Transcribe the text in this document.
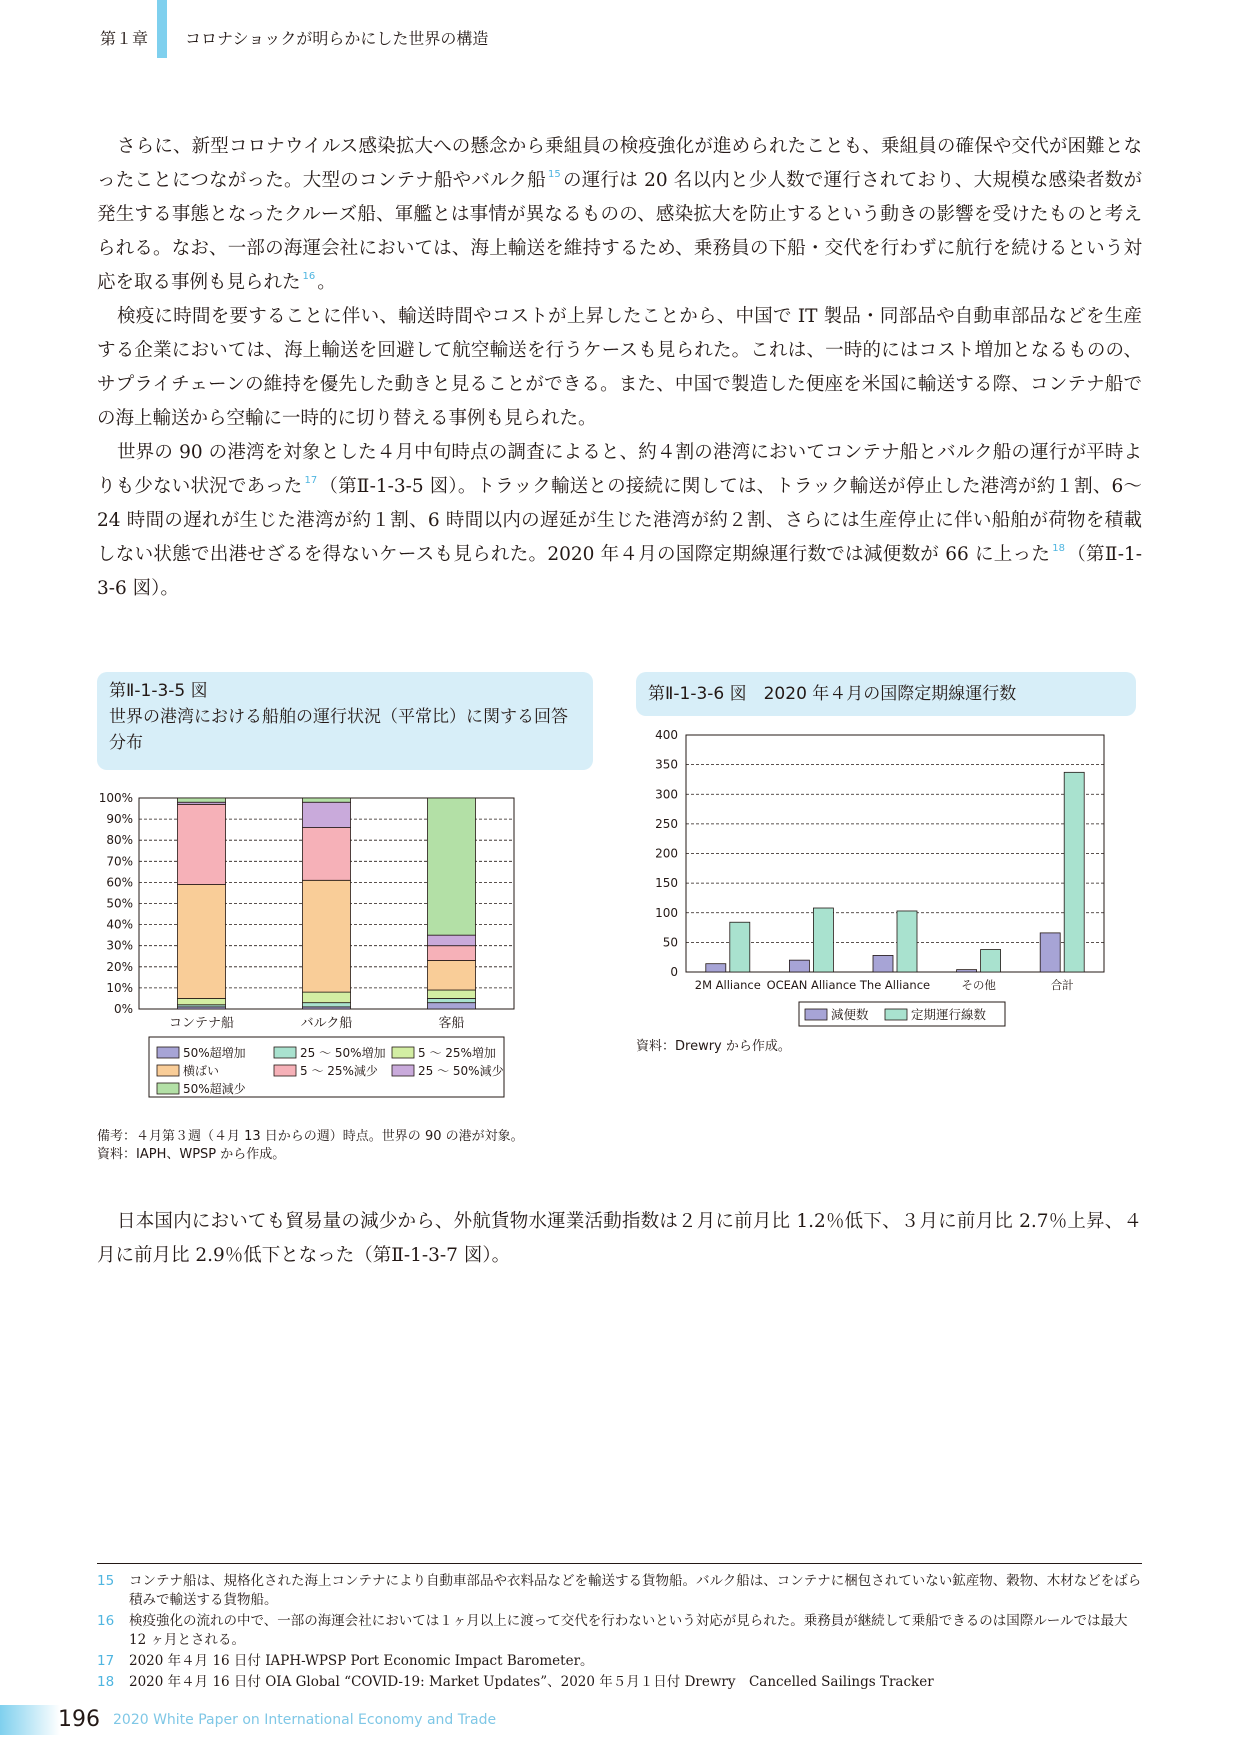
第１章 コロナショックが明らかにした世界の構造

さらに、新型コロナウイルス感染拡大への懸念から乗組員の検疫強化が進められたことも、乗組員の確保や交代が困難となったことにつながった。大型のコンテナ船やバルク船 $^{15}$ の運行は 20 名以内と少人数で運行されており、大規模な感染者数が発生する事態となったクルーズ船、軍艦とは事情が異なるものの、感染拡大を防止するという動きの影響を受けたものと考えられる。なお、一部の海運会社においては、海上輸送を維持するため、乗務員の下船・交代を行わずに航行を続けるという対応を取る事例も見られた $^{16}$ 。

検疫に時間を要することに伴い、輸送時間やコストが上昇したことから、中国で IT 製品・同部品や自動車部品などを生産する企業においては、海上輸送を回避して航空輸送を行うケースも見られた。これは、一時的にはコスト増加となるものの、サプライチェーンの維持を優先した動きと見ることができる。また、中国で製造した便座を米国に輸送する際、コンテナ船での海上輸送から空輸に一時的に切り替える事例も見られた。

世界の 90 の港湾を対象とした４月中旬時点の調査によると、約４割の港湾においてコンテナ船とバルク船の運行が平時よりも少ない状況であった $^{17}$ （第Ⅱ-1-3-5 図）。トラック輸送との接続に関しては、トラック輸送が停止した港湾が約１割、6〜24 時間の遅れが生じた港湾が約１割、6 時間以内の遅延が生じた港湾が約２割、さらには生産停止に伴い船舶が荷物を積載しない状態で出港せざるを得ないケースも見られた。2020 年４月の国際定期線運行数では減便数が 66 に上った $^{18}$ （第Ⅱ-1-3-6 図）。

第Ⅱ-1-3-5 図
世界の港湾における船舶の運行状況（平常比）に関する回答分布
0%
10%
20%
30%
40%
50%
60%
70%
80%
90%
100%
コンテナ船	バルク船	客船
50%超増加	25 ～ 50%増加	5 ～ 25%増加
横ばい	5 ～ 25%減少	25 ～ 50%減少
50%超減少
備考：４月第３週（４月 13 日からの週）時点。世界の 90 の港が対象。
資料：IAPH、WPSP から作成。
第Ⅱ-1-3-6 図　2020 年４月の国際定期線運行数
0
50
100
150
200
250
300
350
400
2M Alliance OCEAN Alliance The Alliance	その他	合計
減便数	定期運行線数
資料：Drewry から作成。

日本国内においても貿易量の減少から、外航貨物水運業活動指数は２月に前月比 1.2％低下、３月に前月比 2.7％上昇、４月に前月比 2.9％低下となった（第Ⅱ-1-3-7 図）。

15	コンテナ船は、規格化された海上コンテナにより自動車部品や衣料品などを輸送する貨物船。バルク船は、コンテナに梱包されていない鉱産物、穀物、木材などをばら積みで輸送する貨物船。
16	検疫強化の流れの中で、一部の海運会社においては１ヶ月以上に渡って交代を行わないという対応が見られた。乗務員が継続して乗船できるのは国際ルールでは最大 12 ヶ月とされる。
17	2020 年４月 16 日付 IAPH-WPSP Port Economic Impact Barometer。
18	2020 年４月 16 日付 OIA Global “COVID-19: Market Updates”、2020 年５月１日付 Drewry　Cancelled Sailings Tracker
196 2020 White Paper on International Economy and Trade
